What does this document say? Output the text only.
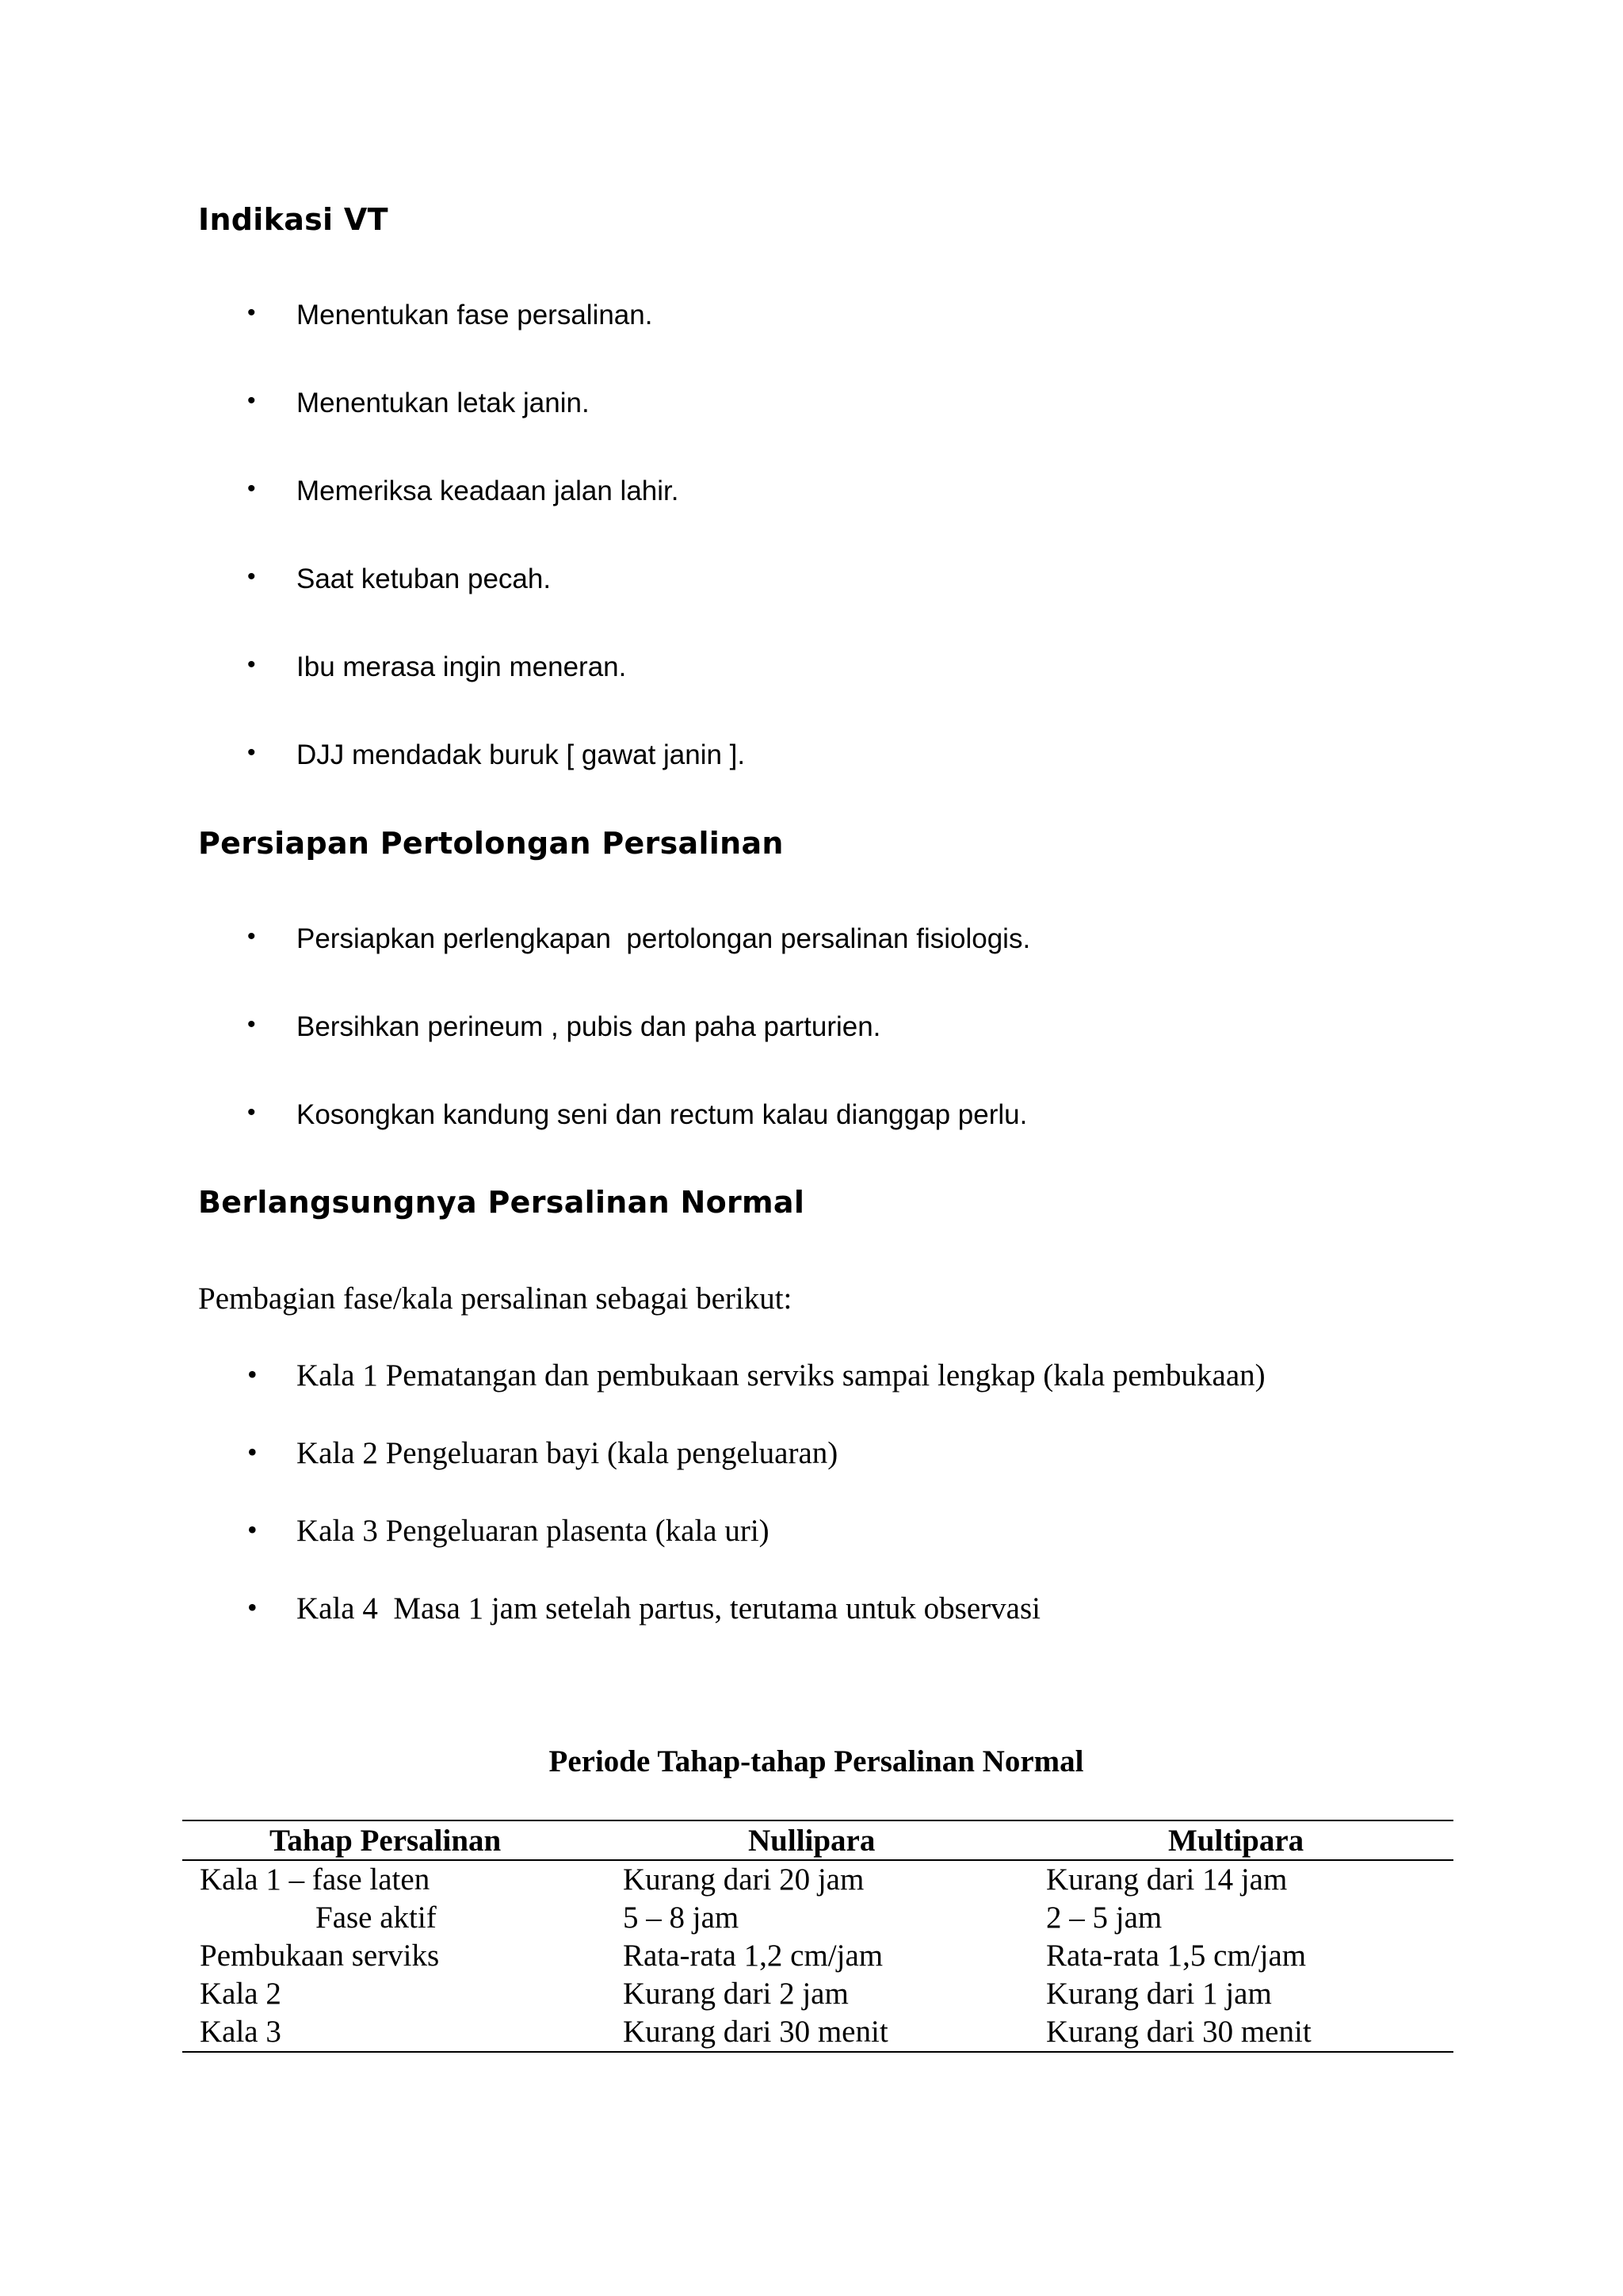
Indikasi VT
• Menentukan fase persalinan.
• Menentukan letak janin.
• Memeriksa keadaan jalan lahir.
• Saat ketuban pecah.
• Ibu merasa ingin meneran.
• DJJ mendadak buruk [ gawat janin ].
Persiapan Pertolongan Persalinan
• Persiapkan perlengkapan  pertolongan persalinan fisiologis.
• Bersihkan perineum , pubis dan paha parturien.
• Kosongkan kandung seni dan rectum kalau dianggap perlu.
Berlangsungnya Persalinan Normal

Pembagian fase/kala persalinan sebagai berikut:

• Kala 1 Pematangan dan pembukaan serviks sampai lengkap (kala pembukaan)
• Kala 2 Pengeluaran bayi (kala pengeluaran)
• Kala 3 Pengeluaran plasenta (kala uri)
• Kala 4  Masa 1 jam setelah partus, terutama untuk observasi

Periode Tahap-tahap Persalinan Normal

Tahap Persalinan	Nullipara	Multipara
Kala 1 – fase laten	Kurang dari 20 jam	Kurang dari 14 jam
Fase aktif	5 – 8 jam	2 – 5 jam
Pembukaan serviks	Rata-rata 1,2 cm/jam	Rata-rata 1,5 cm/jam
Kala 2	Kurang dari 2 jam	Kurang dari 1 jam
Kala 3	Kurang dari 30 menit	Kurang dari 30 menit
